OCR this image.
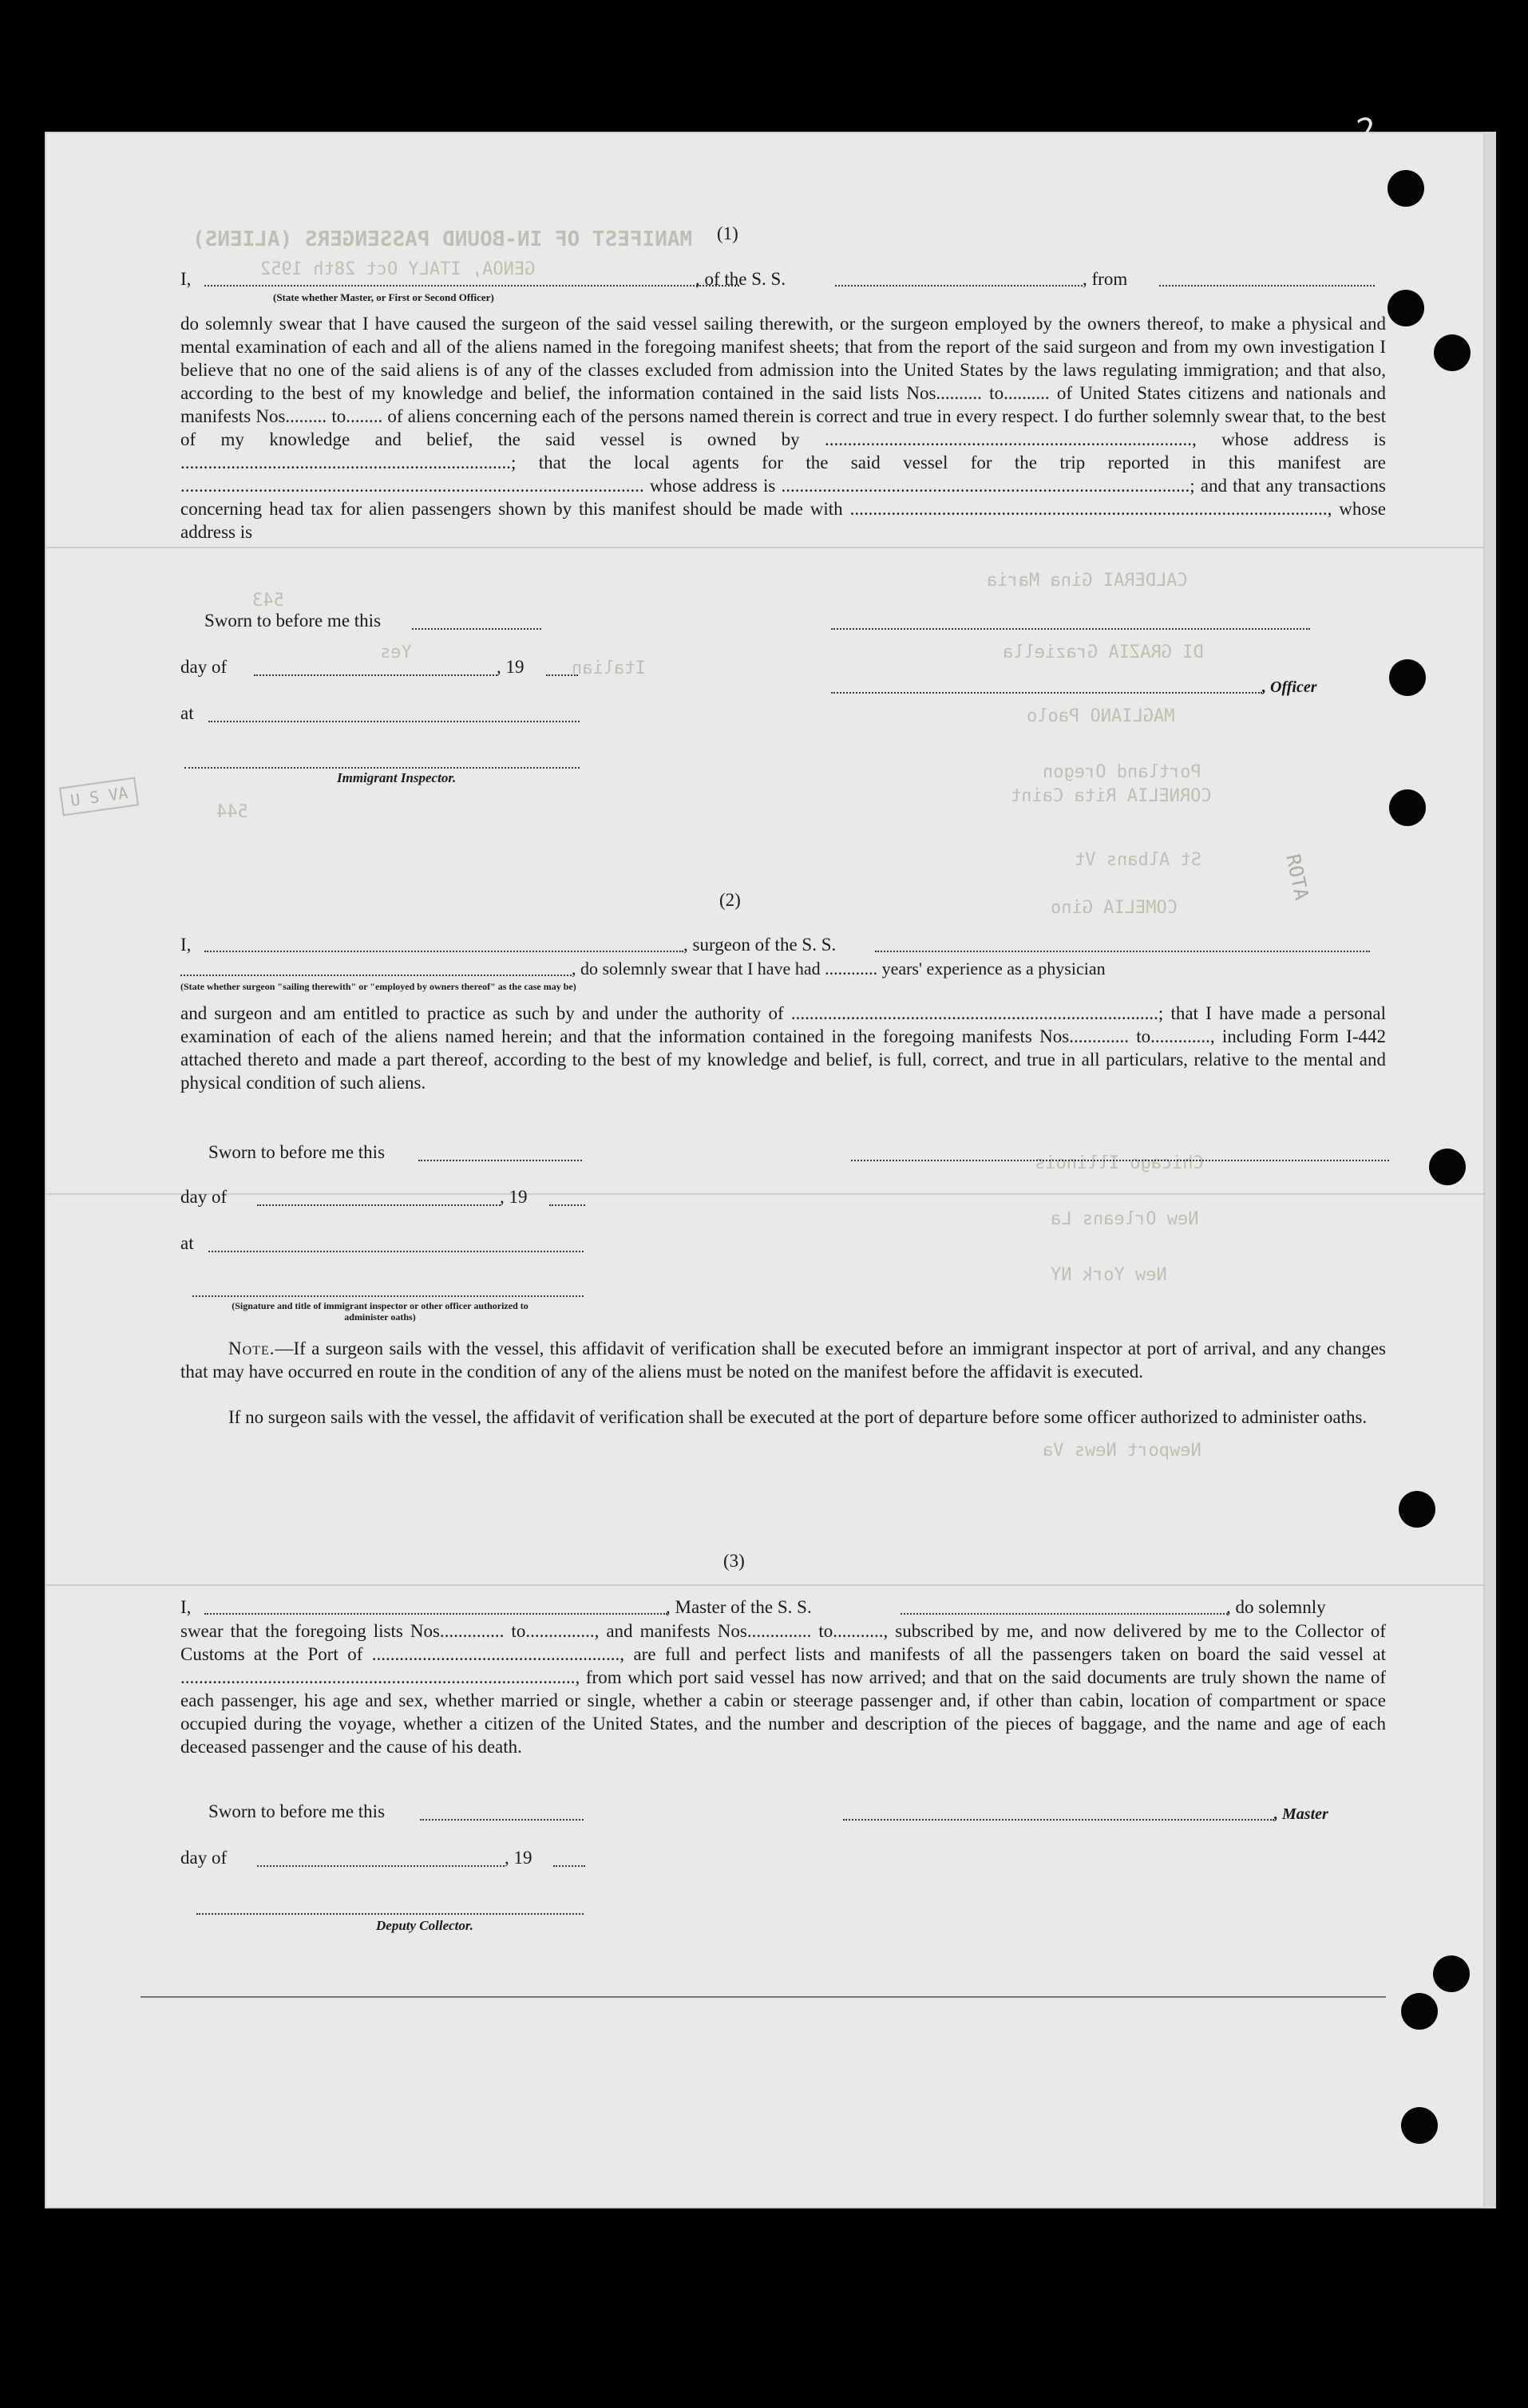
MANIFEST OF IN-BOUND PASSENGERS (ALIENS)
GENOA, ITALY Oct 28th 1952
CALDERAI Gina Maria
DI GRAZIA Graziella
MAGLIANO Paolo
Portland Oregon
CORNELIA Rita Caint
St Albans Vt
COMELIA Gino
Chicago Illinois
New Orleans La
New York NY
Newport News Va
Italian
Yes
543
544
(1)
I,	, of the S. S.	, from
(State whether Master, or First or Second Officer)

do solemnly swear that I have caused the surgeon of the said vessel sailing therewith, or the surgeon employed by the owners thereof, to make a physical and mental examination of each and all of the aliens named in the foregoing manifest sheets; that from the report of the said surgeon and from my own investigation I believe that no one of the said aliens is of any of the classes excluded from admission into the United States by the laws regulating immigration; and that also, according to the best of my knowledge and belief, the information contained in the said lists Nos.......... to.......... of United States citizens and nationals and manifests Nos......... to........ of aliens concerning each of the persons named therein is correct and true in every respect. I do further solemnly swear that, to the best of my knowledge and belief, the said vessel is owned by ................................................................................, whose address is ........................................................................; that the local agents for the said vessel for the trip reported in this manifest are ..................................................................................................... whose address is .........................................................................................; and that any transactions concerning head tax for alien passengers shown by this manifest should be made with ........................................................................................................, whose address is

Sworn to before me this
day of	, 19
at
Immigrant Inspector.
, Officer
(2)
I,	, surgeon of the S. S.
, do solemnly swear that I have had ............ years' experience as a physician
(State whether surgeon "sailing therewith" or "employed by owners thereof" as the case may be)

and surgeon and am entitled to practice as such by and under the authority of ................................................................................; that I have made a personal examination of each of the aliens named herein; and that the information contained in the foregoing manifests Nos............. to............., including Form I-442 attached thereto and made a part thereof, according to the best of my knowledge and belief, is full, correct, and true in all particulars, relative to the mental and physical condition of such aliens.

Sworn to before me this
day of	, 19
at
(Signature and title of immigrant inspector or other officer authorized to administer oaths)
Note.—If a surgeon sails with the vessel, this affidavit of verification shall be executed before an immigrant inspector at port of arrival, and any changes that may have occurred en route in the condition of any of the aliens must be noted on the manifest before the affidavit is executed.
If no surgeon sails with the vessel, the affidavit of verification shall be executed at the port of departure before some officer authorized to administer oaths.
(3)
I,	, Master of the S. S.	, do solemnly

swear that the foregoing lists Nos.............. to..............., and manifests Nos.............. to..........., subscribed by me, and now delivered by me to the Collector of Customs at the Port of ......................................................, are full and perfect lists and manifests of all the passengers taken on board the said vessel at ......................................................................................, from which port said vessel has now arrived; and that on the said documents are truly shown the name of each passenger, his age and sex, whether married or single, whether a cabin or steerage passenger and, if other than cabin, location of compartment or space occupied during the voyage, whether a citizen of the United States, and the number and description of the pieces of baggage, and the name and age of each deceased passenger and the cause of his death.

Sworn to before me this
day of	, 19
Deputy Collector.
, Master
U S VA
ROTA
2
